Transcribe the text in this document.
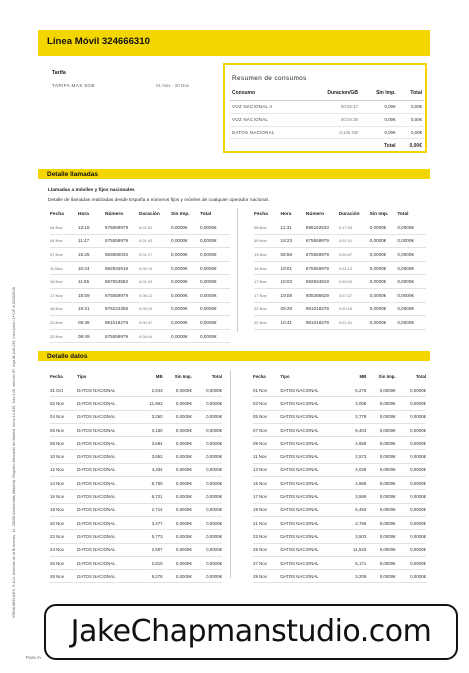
VIENA MOVILES, S.A.U. Avenida de la Brisneras, 14, 28108 Alcobendas (Madrid). Registro Mercantil de Madrid, tomo 14.835, folio 145, sección 8ª, hoja M-246.235, inscripción 1ª CIF A-82528548
Línea Móvil 324666310
Tarifa
TARIFA MAS 5GB	01 Nov - 30 Nov
Resumen de consumos
Consumo	Duracion/GB	Sin Imp.	Total
VOZ NACIONAL A	00:02:47	0,00€	0,00€
VOZ NACIONAL	00:04:38	0,00€	0,00€
DATOS NACIONAL	0,146 GB	0,00€	0,00€
		Total	0,00€
Detalle llamadas
Llamadas a móviles y fijos nacionales
Detalle de llamadas realizadas desde España a números fijos y móviles de cualquier operador nacional.
Fecha	Hora	Número	Duración	Sin Imp.	Total
04 Nov	13:18	675559979	0:01:52	0,0000€	0,0000€
04 Nov	11:47	675559979	0:01:43	0,0000€	0,0000€
07 Nov	18:25	655960033	0:01:17	0,0000€	0,0000€
11 Nov	10:24	692934919	0:00:19	0,0000€	0,0000€
16 Nov	11:55	687653582	0:01:43	0,0000€	0,0000€
17 Nov	18:59	675559979	0:06:12	0,0000€	0,0000€
18 Nov	19:21	675224358	0:00:23	0,0000€	0,0000€
22 Nov	09:36	961018278	0:00:37	0,0000€	0,0000€
22 Nov	09:49	675559979	0:04:44	0,0000€	0,0000€
Fecha	Hora	Número	Duración	Sin Imp.	Total
06 Nov	11:31	695162533	0:17:39	0,0000€	0,0000€
09 Nov	18:23	675559979	0:01:31	0,0000€	0,0000€
13 Nov	08:56	675559979	0:00:57	0,0000€	0,0000€
14 Nov	19:01	675559979	0:01:13	0,0000€	0,0000€
17 Nov	18:03	692934919	0:00:00	0,0000€	0,0000€
17 Nov	19:08	605395629	0:07:37	0,0000€	0,0000€
22 Nov	09:28	961018278	0:00:16	0,0000€	0,0000€
22 Nov	10:41	961018278	0:01:41	0,0000€	0,0000€
Detalle datos
Fecha	Tipo	MB	Sin Imp.	Total
31 Oct	DATOS NACIONAL	2,643	0,0000€	0,0000€
02 Nov	DATOS NACIONAL	11,962	0,0000€	0,0000€
04 Nov	DATOS NACIONAL	3,260	0,0000€	0,0000€
06 Nov	DATOS NACIONAL	3,150	0,0000€	0,0000€
08 Nov	DATOS NACIONAL	3,684	0,0000€	0,0000€
10 Nov	DATOS NACIONAL	3,652	0,0000€	0,0000€
12 Nov	DATOS NACIONAL	4,334	0,0000€	0,0000€
14 Nov	DATOS NACIONAL	8,760	0,0000€	0,0000€
16 Nov	DATOS NACIONAL	6,721	0,0000€	0,0000€
18 Nov	DATOS NACIONAL	2,714	0,0000€	0,0000€
20 Nov	DATOS NACIONAL	3,477	0,0000€	0,0000€
22 Nov	DATOS NACIONAL	5,773	0,0000€	0,0000€
24 Nov	DATOS NACIONAL	2,507	0,0000€	0,0000€
26 Nov	DATOS NACIONAL	2,810	0,0000€	0,0000€
28 Nov	DATOS NACIONAL	9,278	0,0000€	0,0000€
Fecha	Tipo	MB	Sin Imp.	Total
01 Nov	DATOS NACIONAL	6,276	0,0000€	0,0000€
03 Nov	DATOS NACIONAL	3,008	0,0000€	0,0000€
05 Nov	DATOS NACIONAL	2,778	0,0000€	0,0000€
07 Nov	DATOS NACIONAL	9,404	0,0000€	0,0000€
09 Nov	DATOS NACIONAL	4,658	0,0000€	0,0000€
11 Nov	DATOS NACIONAL	2,573	0,0000€	0,0000€
13 Nov	DATOS NACIONAL	4,029	0,0000€	0,0000€
15 Nov	DATOS NACIONAL	4,868	0,0000€	0,0000€
17 Nov	DATOS NACIONAL	3,569	0,0000€	0,0000€
19 Nov	DATOS NACIONAL	6,493	0,0000€	0,0000€
21 Nov	DATOS NACIONAL	3,796	0,0000€	0,0000€
23 Nov	DATOS NACIONAL	3,503	0,0000€	0,0000€
25 Nov	DATOS NACIONAL	11,533	0,0000€	0,0000€
27 Nov	DATOS NACIONAL	5,171	0,0000€	0,0000€
29 Nov	DATOS NACIONAL	3,209	0,0000€	0,0000€
JakeChapmanstudio.com
Para m
